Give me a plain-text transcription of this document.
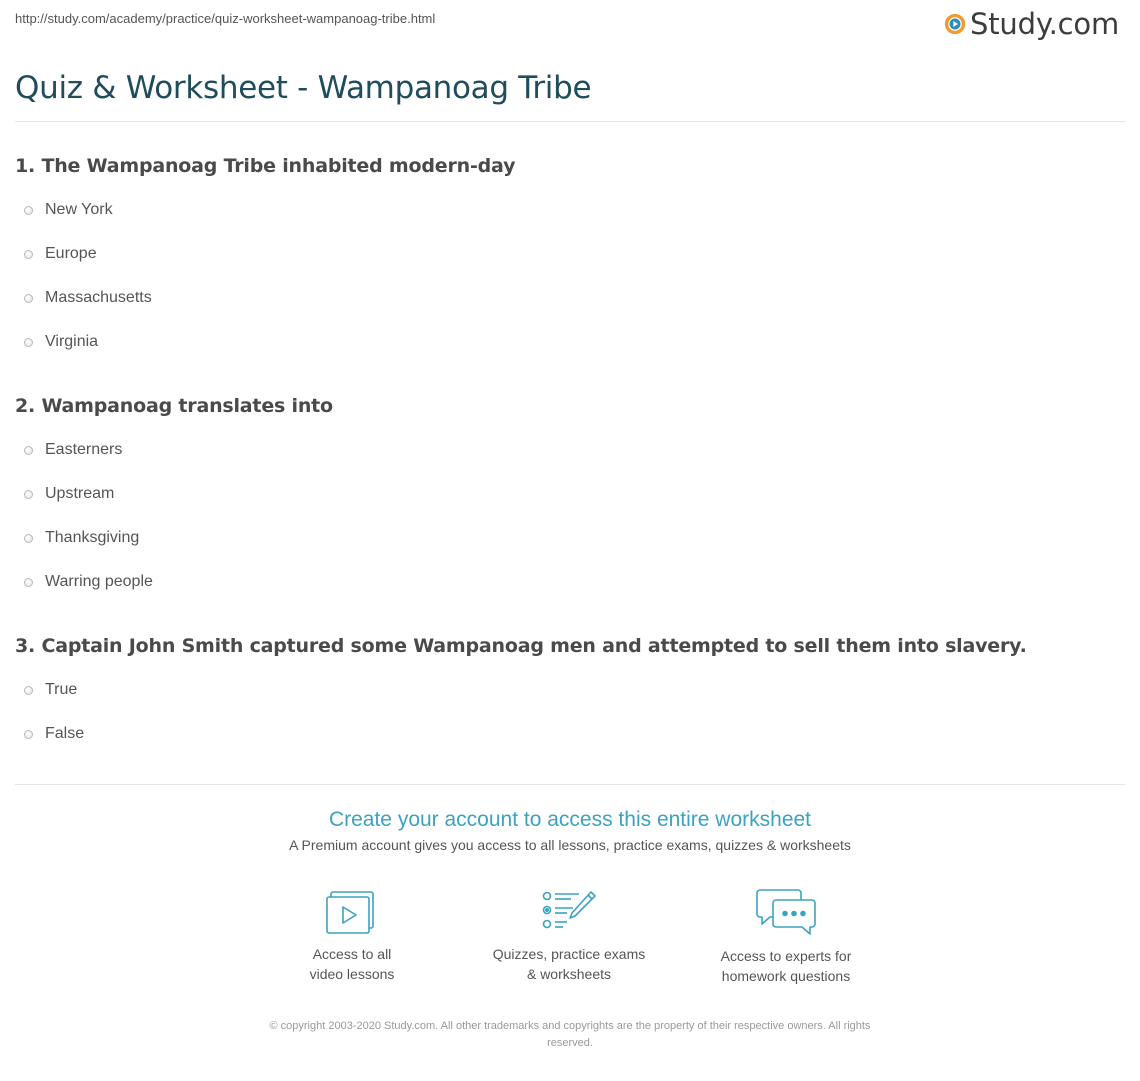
http://study.com/academy/practice/quiz-worksheet-wampanoag-tribe.html	Study.com
Quiz & Worksheet - Wampanoag Tribe
1. The Wampanoag Tribe inhabited modern-day
New York
Europe
Massachusetts
Virginia
2. Wampanoag translates into
Easterners
Upstream
Thanksgiving
Warring people
3. Captain John Smith captured some Wampanoag men and attempted to sell them into slavery.
True
False
Create your account to access this entire worksheet
A Premium account gives you access to all lessons, practice exams, quizzes & worksheets
Access to all
video lessons
Quizzes, practice exams
& worksheets
Access to experts for
homework questions
© copyright 2003-2020 Study.com. All other trademarks and copyrights are the property of their respective owners. All rights
reserved.
